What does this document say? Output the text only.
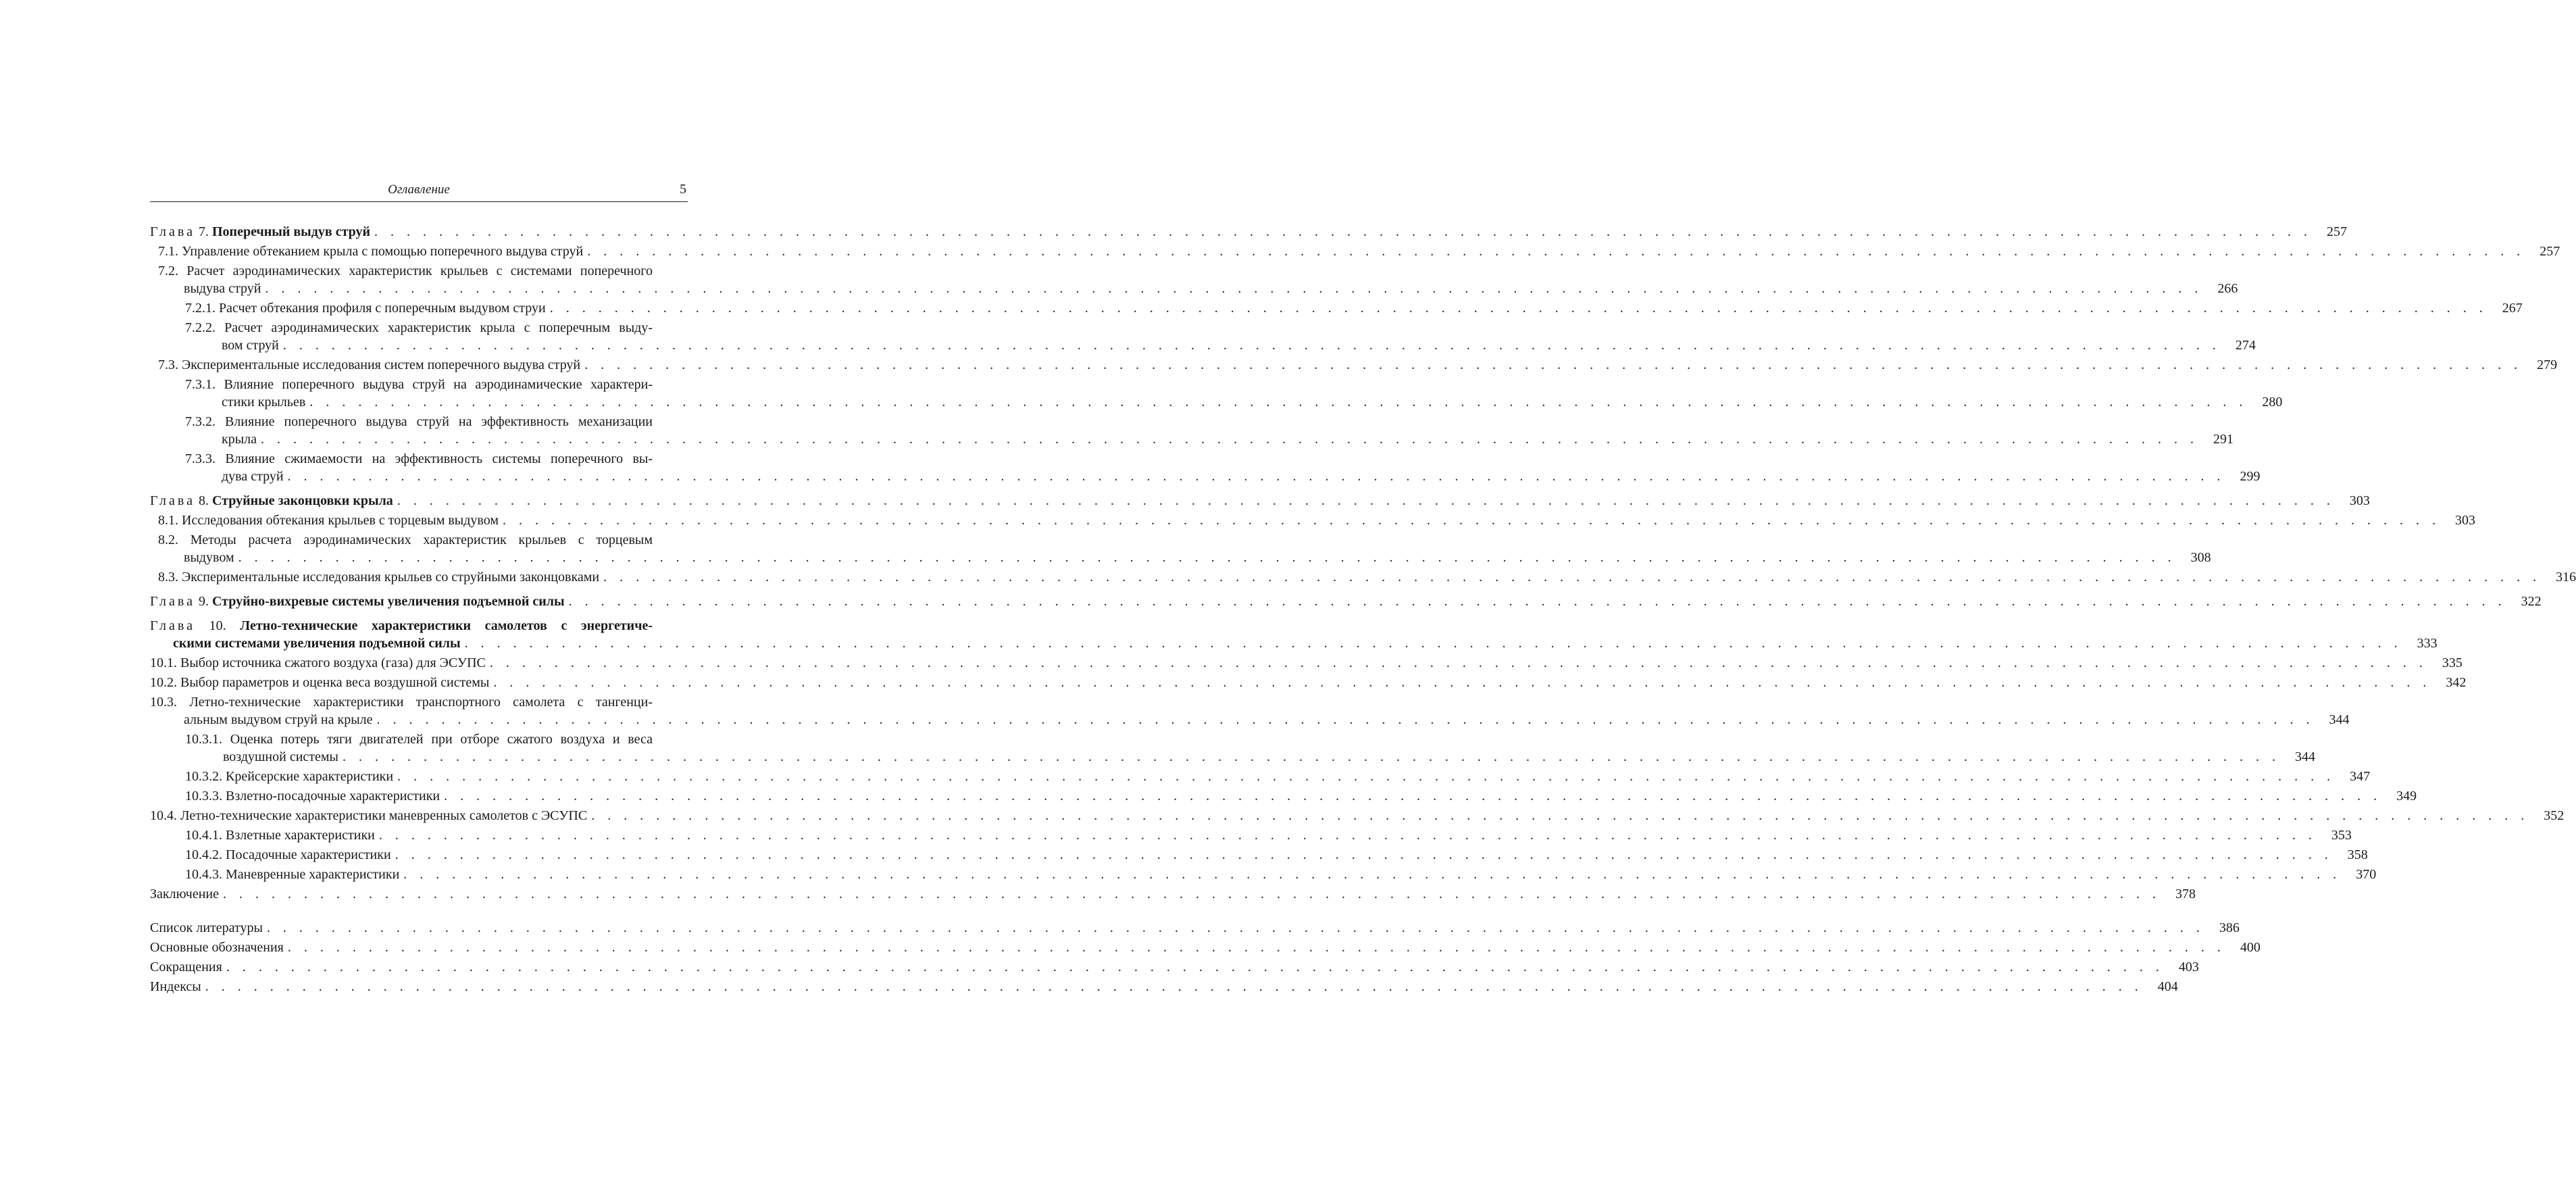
Оглавление	5
Глава 7. Поперечный выдув струй . . . . . . . . . . . . . . . . . . . . . . . . . . . . . . . . . . . . . . . . . . . . . . . . . . . . . . . . . . . . . . . . . . . . . . . . . . . . . . . . . . . . . . . . . . . . . . . . . . . . . . . . . . . . . . . . . . . . . . . .	257
7.1. Управление обтеканием крыла с помощью поперечного выдува струй . . . . . . . . . . . . . . . . . . . . . . . . . . . . . . . . . . . . . . . . . . . . . . . . . . . . . . . . . . . . . . . . . . . . . . . . . . . . . . . . . . . . . . . . . . . . . . . . . . . . . . . . . . . . . . . . . . . . . . . .	257
7.2. Расчет аэродинамических характеристик крыльев с системами поперечного
выдува струй . . . . . . . . . . . . . . . . . . . . . . . . . . . . . . . . . . . . . . . . . . . . . . . . . . . . . . . . . . . . . . . . . . . . . . . . . . . . . . . . . . . . . . . . . . . . . . . . . . . . . . . . . . . . . . . . . . . . . . . .	266
7.2.1. Расчет обтекания профиля с поперечным выдувом струи . . . . . . . . . . . . . . . . . . . . . . . . . . . . . . . . . . . . . . . . . . . . . . . . . . . . . . . . . . . . . . . . . . . . . . . . . . . . . . . . . . . . . . . . . . . . . . . . . . . . . . . . . . . . . . . . . . . . . . . .	267
7.2.2. Расчет аэродинамических характеристик крыла с поперечным выду-
вом струй . . . . . . . . . . . . . . . . . . . . . . . . . . . . . . . . . . . . . . . . . . . . . . . . . . . . . . . . . . . . . . . . . . . . . . . . . . . . . . . . . . . . . . . . . . . . . . . . . . . . . . . . . . . . . . . . . . . . . . . .	274
7.3. Экспериментальные исследования систем поперечного выдува струй . . . . . . . . . . . . . . . . . . . . . . . . . . . . . . . . . . . . . . . . . . . . . . . . . . . . . . . . . . . . . . . . . . . . . . . . . . . . . . . . . . . . . . . . . . . . . . . . . . . . . . . . . . . . . . . . . . . . . . . .	279
7.3.1. Влияние поперечного выдува струй на аэродинамические характери-
стики крыльев . . . . . . . . . . . . . . . . . . . . . . . . . . . . . . . . . . . . . . . . . . . . . . . . . . . . . . . . . . . . . . . . . . . . . . . . . . . . . . . . . . . . . . . . . . . . . . . . . . . . . . . . . . . . . . . . . . . . . . . .	280
7.3.2. Влияние поперечного выдува струй на эффективность механизации
крыла . . . . . . . . . . . . . . . . . . . . . . . . . . . . . . . . . . . . . . . . . . . . . . . . . . . . . . . . . . . . . . . . . . . . . . . . . . . . . . . . . . . . . . . . . . . . . . . . . . . . . . . . . . . . . . . . . . . . . . . .	291
7.3.3. Влияние сжимаемости на эффективность системы поперечного вы-
дува струй . . . . . . . . . . . . . . . . . . . . . . . . . . . . . . . . . . . . . . . . . . . . . . . . . . . . . . . . . . . . . . . . . . . . . . . . . . . . . . . . . . . . . . . . . . . . . . . . . . . . . . . . . . . . . . . . . . . . . . . .	299
Глава 8. Струйные законцовки крыла . . . . . . . . . . . . . . . . . . . . . . . . . . . . . . . . . . . . . . . . . . . . . . . . . . . . . . . . . . . . . . . . . . . . . . . . . . . . . . . . . . . . . . . . . . . . . . . . . . . . . . . . . . . . . . . . . . . . . . . .	303
8.1. Исследования обтекания крыльев с торцевым выдувом . . . . . . . . . . . . . . . . . . . . . . . . . . . . . . . . . . . . . . . . . . . . . . . . . . . . . . . . . . . . . . . . . . . . . . . . . . . . . . . . . . . . . . . . . . . . . . . . . . . . . . . . . . . . . . . . . . . . . . . .	303
8.2. Методы расчета аэродинамических характеристик крыльев с торцевым
выдувом . . . . . . . . . . . . . . . . . . . . . . . . . . . . . . . . . . . . . . . . . . . . . . . . . . . . . . . . . . . . . . . . . . . . . . . . . . . . . . . . . . . . . . . . . . . . . . . . . . . . . . . . . . . . . . . . . . . . . . . .	308
8.3. Экспериментальные исследования крыльев со струйными законцовками . . . . . . . . . . . . . . . . . . . . . . . . . . . . . . . . . . . . . . . . . . . . . . . . . . . . . . . . . . . . . . . . . . . . . . . . . . . . . . . . . . . . . . . . . . . . . . . . . . . . . . . . . . . . . . . . . . . . . . . .	316
Глава 9. Струйно-вихревые системы увеличения подъемной силы . . . . . . . . . . . . . . . . . . . . . . . . . . . . . . . . . . . . . . . . . . . . . . . . . . . . . . . . . . . . . . . . . . . . . . . . . . . . . . . . . . . . . . . . . . . . . . . . . . . . . . . . . . . . . . . . . . . . . . . .	322
Глава 10. Летно-технические характеристики самолетов с энергетиче-
скими системами увеличения подъемной силы . . . . . . . . . . . . . . . . . . . . . . . . . . . . . . . . . . . . . . . . . . . . . . . . . . . . . . . . . . . . . . . . . . . . . . . . . . . . . . . . . . . . . . . . . . . . . . . . . . . . . . . . . . . . . . . . . . . . . . . .	333
10.1. Выбор источника сжатого воздуха (газа) для ЭСУПС . . . . . . . . . . . . . . . . . . . . . . . . . . . . . . . . . . . . . . . . . . . . . . . . . . . . . . . . . . . . . . . . . . . . . . . . . . . . . . . . . . . . . . . . . . . . . . . . . . . . . . . . . . . . . . . . . . . . . . . .	335
10.2. Выбор параметров и оценка веса воздушной системы . . . . . . . . . . . . . . . . . . . . . . . . . . . . . . . . . . . . . . . . . . . . . . . . . . . . . . . . . . . . . . . . . . . . . . . . . . . . . . . . . . . . . . . . . . . . . . . . . . . . . . . . . . . . . . . . . . . . . . . .	342
10.3. Летно-технические характеристики транспортного самолета с тангенци-
альным выдувом струй на крыле . . . . . . . . . . . . . . . . . . . . . . . . . . . . . . . . . . . . . . . . . . . . . . . . . . . . . . . . . . . . . . . . . . . . . . . . . . . . . . . . . . . . . . . . . . . . . . . . . . . . . . . . . . . . . . . . . . . . . . . .	344
10.3.1. Оценка потерь тяги двигателей при отборе сжатого воздуха и веса
воздушной системы . . . . . . . . . . . . . . . . . . . . . . . . . . . . . . . . . . . . . . . . . . . . . . . . . . . . . . . . . . . . . . . . . . . . . . . . . . . . . . . . . . . . . . . . . . . . . . . . . . . . . . . . . . . . . . . . . . . . . . . .	344
10.3.2. Крейсерские характеристики . . . . . . . . . . . . . . . . . . . . . . . . . . . . . . . . . . . . . . . . . . . . . . . . . . . . . . . . . . . . . . . . . . . . . . . . . . . . . . . . . . . . . . . . . . . . . . . . . . . . . . . . . . . . . . . . . . . . . . . .	347
10.3.3. Взлетно-посадочные характеристики . . . . . . . . . . . . . . . . . . . . . . . . . . . . . . . . . . . . . . . . . . . . . . . . . . . . . . . . . . . . . . . . . . . . . . . . . . . . . . . . . . . . . . . . . . . . . . . . . . . . . . . . . . . . . . . . . . . . . . . .	349
10.4. Летно-технические характеристики маневренных самолетов с ЭСУПС . . . . . . . . . . . . . . . . . . . . . . . . . . . . . . . . . . . . . . . . . . . . . . . . . . . . . . . . . . . . . . . . . . . . . . . . . . . . . . . . . . . . . . . . . . . . . . . . . . . . . . . . . . . . . . . . . . . . . . . .	352
10.4.1. Взлетные характеристики . . . . . . . . . . . . . . . . . . . . . . . . . . . . . . . . . . . . . . . . . . . . . . . . . . . . . . . . . . . . . . . . . . . . . . . . . . . . . . . . . . . . . . . . . . . . . . . . . . . . . . . . . . . . . . . . . . . . . . . .	353
10.4.2. Посадочные характеристики . . . . . . . . . . . . . . . . . . . . . . . . . . . . . . . . . . . . . . . . . . . . . . . . . . . . . . . . . . . . . . . . . . . . . . . . . . . . . . . . . . . . . . . . . . . . . . . . . . . . . . . . . . . . . . . . . . . . . . . .	358
10.4.3. Маневренные характеристики . . . . . . . . . . . . . . . . . . . . . . . . . . . . . . . . . . . . . . . . . . . . . . . . . . . . . . . . . . . . . . . . . . . . . . . . . . . . . . . . . . . . . . . . . . . . . . . . . . . . . . . . . . . . . . . . . . . . . . . .	370
Заключение . . . . . . . . . . . . . . . . . . . . . . . . . . . . . . . . . . . . . . . . . . . . . . . . . . . . . . . . . . . . . . . . . . . . . . . . . . . . . . . . . . . . . . . . . . . . . . . . . . . . . . . . . . . . . . . . . . . . . . . .	378
Список литературы . . . . . . . . . . . . . . . . . . . . . . . . . . . . . . . . . . . . . . . . . . . . . . . . . . . . . . . . . . . . . . . . . . . . . . . . . . . . . . . . . . . . . . . . . . . . . . . . . . . . . . . . . . . . . . . . . . . . . . . .	386
Основные обозначения . . . . . . . . . . . . . . . . . . . . . . . . . . . . . . . . . . . . . . . . . . . . . . . . . . . . . . . . . . . . . . . . . . . . . . . . . . . . . . . . . . . . . . . . . . . . . . . . . . . . . . . . . . . . . . . . . . . . . . . .	400
Сокращения . . . . . . . . . . . . . . . . . . . . . . . . . . . . . . . . . . . . . . . . . . . . . . . . . . . . . . . . . . . . . . . . . . . . . . . . . . . . . . . . . . . . . . . . . . . . . . . . . . . . . . . . . . . . . . . . . . . . . . . .	403
Индексы . . . . . . . . . . . . . . . . . . . . . . . . . . . . . . . . . . . . . . . . . . . . . . . . . . . . . . . . . . . . . . . . . . . . . . . . . . . . . . . . . . . . . . . . . . . . . . . . . . . . . . . . . . . . . . . . . . . . . . . .	404
